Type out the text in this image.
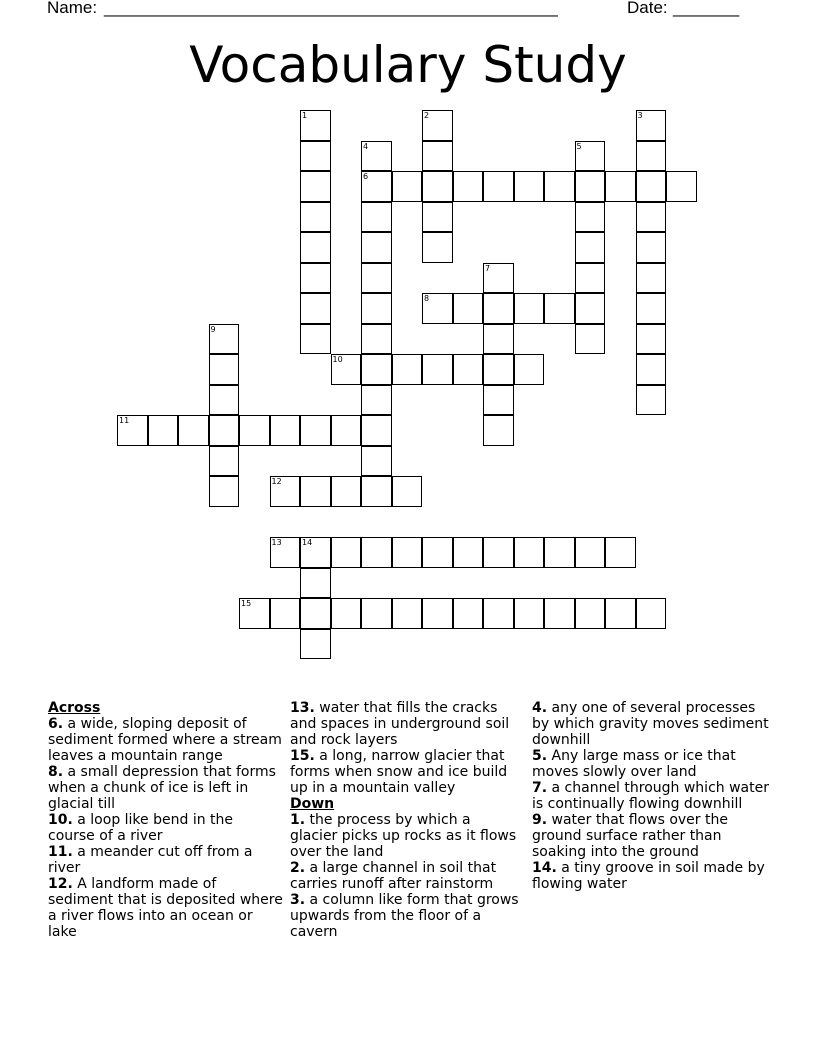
Name: ________________________________________________	Date: _______
Vocabulary Study
1	2	3
4
6
5
7
8
9
10
11
12
13	14
15
Across
6. a wide, sloping deposit of sediment formed where a stream leaves a mountain range
8. a small depression that forms when a chunk of ice is left in glacial till
10. a loop like bend in the course of a river
11. a meander cut off from a river
12. A landform made of sediment that is deposited where a river flows into an ocean or lake
13. water that fills the cracks and spaces in underground soil and rock layers
15. a long, narrow glacier that forms when snow and ice build up in a mountain valley
Down
1. the process by which a glacier picks up rocks as it flows over the land
2. a large channel in soil that carries runoff after rainstorm
3. a column like form that grows upwards from the floor of a cavern
4. any one of several processes by which gravity moves sediment downhill
5. Any large mass or ice that moves slowly over land
7. a channel through which water is continually flowing downhill
9. water that flows over the ground surface rather than soaking into the ground
14. a tiny groove in soil made by flowing water
